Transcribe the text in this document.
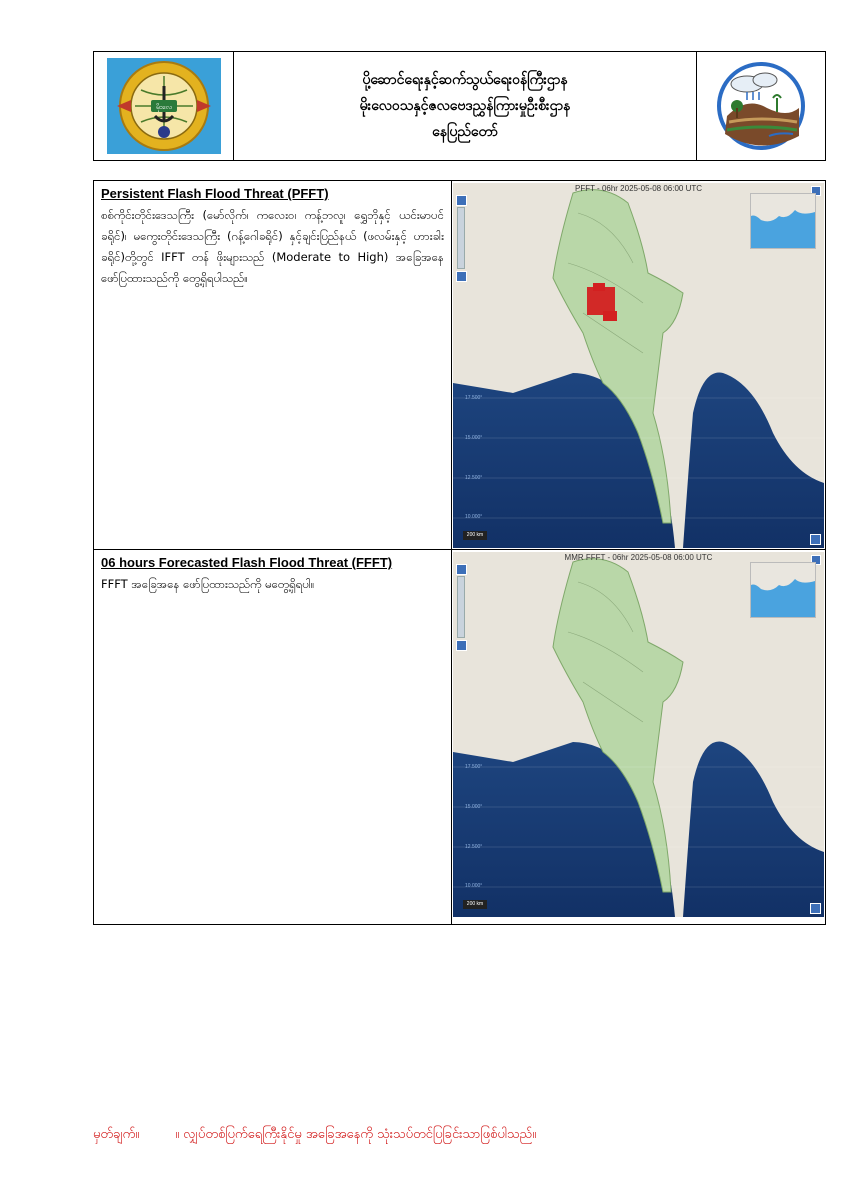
မိုးလေ
ပို့ဆောင်ရေးနှင့်ဆက်သွယ်ရေးဝန်ကြီးဌာန
မိုးလေဝသနှင့်ဇလဗေဒညွှန်ကြားမှုဦးစီးဌာန
နေပြည်တော်
Persistent Flash Flood Threat (PFFT)
စစ်ကိုင်းတိုင်းဒေသကြီး (မော်လိုက်၊ ကလေးဝ၊ ကန့်ဘလူ၊ ရွှေဘိုနှင့် ယင်းမာပင်ခရိုင်)၊ မကွေးတိုင်းဒေသကြီး (ဂန့်ဂေါခရိုင်) နှင့်ချင်းပြည်နယ် (ဖလမ်းနှင့် ဟားခါးခရိုင်)တို့တွင် IFFT တန် ဖိုးများသည် (Moderate to High) အခြေအနေ ဖော်ပြထားသည်ကို တွေ့ရှိရပါသည်။
PFFT - 06hr 2025-05-08 06:00 UTC
17.500°
15.000°
12.500°
10.000°
200 km
06 hours Forecasted Flash Flood Threat (FFFT)
FFFT အခြေအနေ ဖော်ပြထားသည်ကို မတွေ့ရှိရပါ။
MMR FFFT - 06hr 2025-05-08 06:00 UTC
17.500°
15.000°
12.500°
10.000°
200 km
မှတ်ချက်။	။ လျှပ်တစ်ပြက်ရေကြီးနိုင်မှု အခြေအနေကို သုံးသပ်တင်ပြခြင်းသာဖြစ်ပါသည်။
